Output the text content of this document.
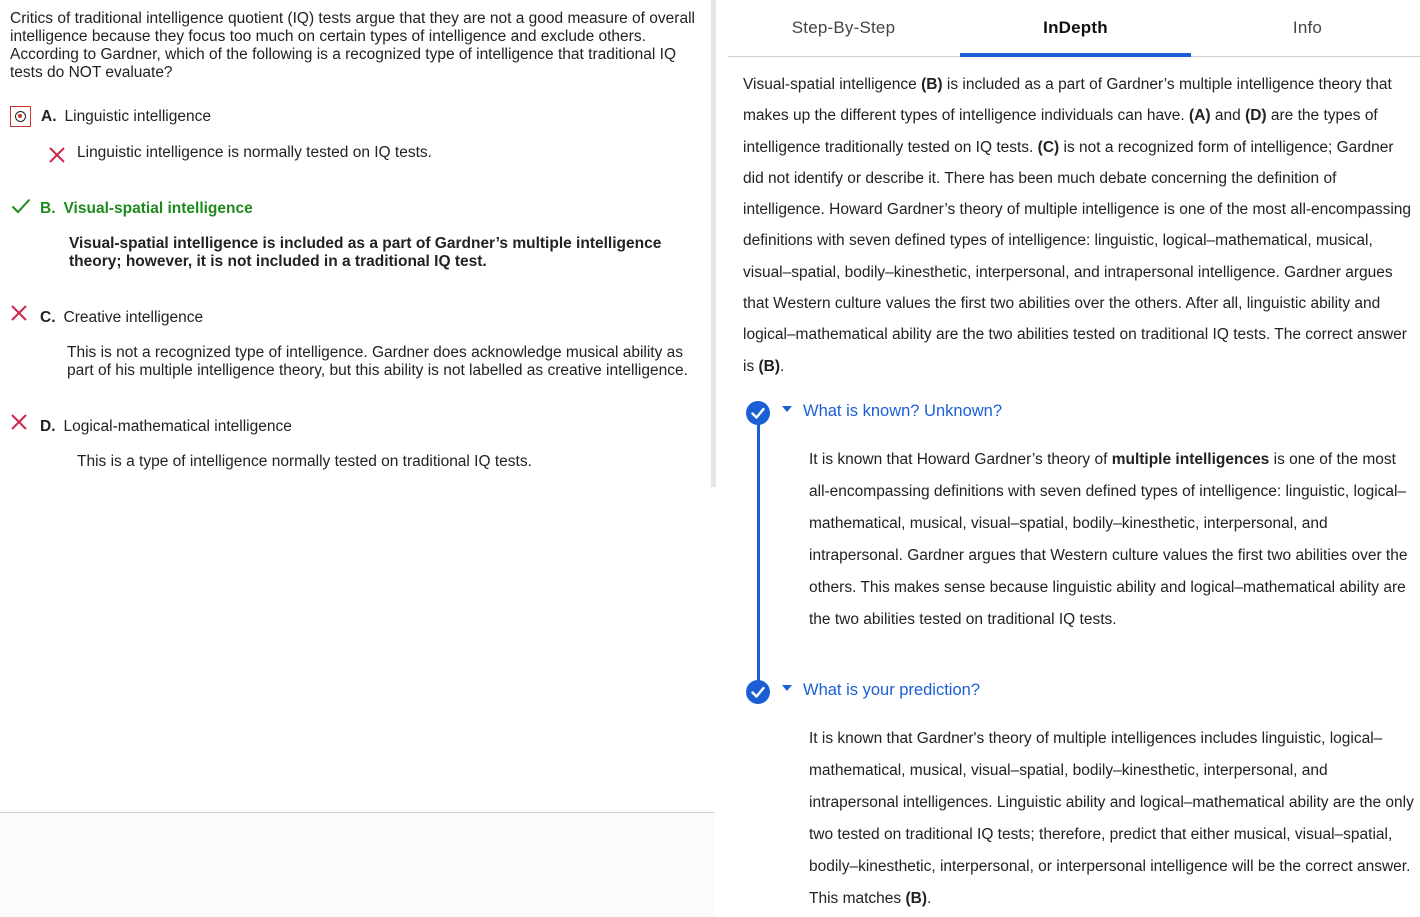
Critics of traditional intelligence quotient (IQ) tests argue that they are not a good measure of overall intelligence because they focus too much on certain types of intelligence and exclude others. According to Gardner, which of the following is a recognized type of intelligence that traditional IQ tests do NOT evaluate?
A. Linguistic intelligence
Linguistic intelligence is normally tested on IQ tests.
B. Visual-spatial intelligence
Visual-spatial intelligence is included as a part of Gardner’s multiple intelligence theory; however, it is not included in a traditional IQ test.
C. Creative intelligence
This is not a recognized type of intelligence. Gardner does acknowledge musical ability as part of his multiple intelligence theory, but this ability is not labelled as creative intelligence.
D. Logical-mathematical intelligence
This is a type of intelligence normally tested on traditional IQ tests.
Step-By-Step	InDepth	Info
Visual-spatial intelligence (B) is included as a part of Gardner’s multiple intelligence theory that makes up the different types of intelligence individuals can have. (A) and (D) are the types of intelligence traditionally tested on IQ tests. (C) is not a recognized form of intelligence; Gardner did not identify or describe it. There has been much debate concerning the definition of intelligence. Howard Gardner’s theory of multiple intelligence is one of the most all-encompassing definitions with seven defined types of intelligence: linguistic, logical–mathematical, musical, visual–spatial, bodily–kinesthetic, interpersonal, and intrapersonal intelligence. Gardner argues that Western culture values the first two abilities over the others. After all, linguistic ability and logical–mathematical ability are the two abilities tested on traditional IQ tests. The correct answer is (B).
What is known? Unknown?
It is known that Howard Gardner’s theory of multiple intelligences is one of the most all-encompassing definitions with seven defined types of intelligence: linguistic, logical–mathematical, musical, visual–spatial, bodily–kinesthetic, interpersonal, and intrapersonal. Gardner argues that Western culture values the first two abilities over the others. This makes sense because linguistic ability and logical–mathematical ability are the two abilities tested on traditional IQ tests.
What is your prediction?
It is known that Gardner's theory of multiple intelligences includes linguistic, logical–mathematical, musical, visual–spatial, bodily–kinesthetic, interpersonal, and intrapersonal intelligences. Linguistic ability and logical–mathematical ability are the only two tested on traditional IQ tests; therefore, predict that either musical, visual–spatial, bodily–kinesthetic, interpersonal, or interpersonal intelligence will be the correct answer. This matches (B).
